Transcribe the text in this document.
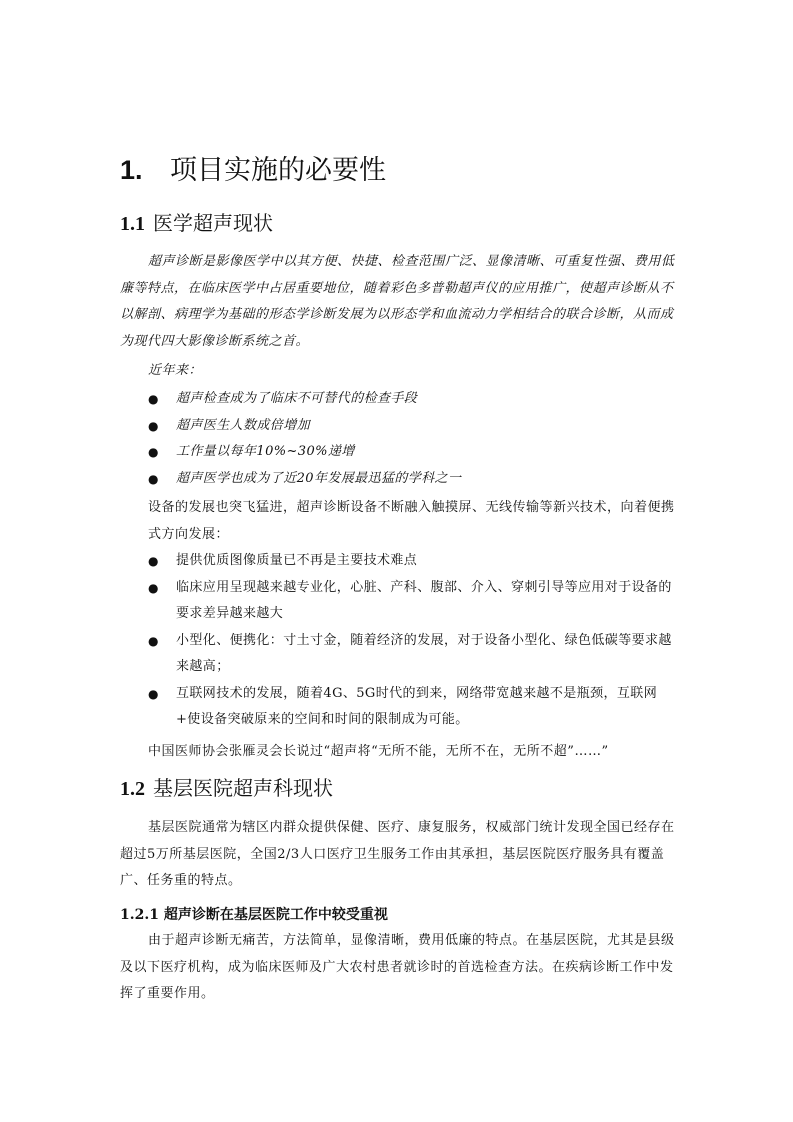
1. 项目实施的必要性
1.1 医学超声现状

超声诊断是影像医学中以其方便、快捷、检查范围广泛、显像清晰、可重复性强、费用低廉等特点，在临床医学中占居重要地位，随着彩色多普勒超声仪的应用推广，使超声诊断从不以解剖、病理学为基础的形态学诊断发展为以形态学和血流动力学相结合的联合诊断，从而成为现代四大影像诊断系统之首。

近年来：

● 超声检查成为了临床不可替代的检查手段
● 超声医生人数成倍增加
● 工作量以每年10%~30%递增
● 超声医学也成为了近20年发展最迅猛的学科之一

设备的发展也突飞猛进，超声诊断设备不断融入触摸屏、无线传输等新兴技术，向着便携式方向发展：

● 提供优质图像质量已不再是主要技术难点
● 临床应用呈现越来越专业化，心脏、产科、腹部、介入、穿刺引导等应用对于设备的要求差异越来越大
● 小型化、便携化：寸土寸金，随着经济的发展，对于设备小型化、绿色低碳等要求越来越高；
● 互联网技术的发展，随着4G、5G时代的到来，网络带宽越来越不是瓶颈，互联网+使设备突破原来的空间和时间的限制成为可能。

中国医师协会张雁灵会长说过“超声将“无所不能，无所不在，无所不超”……”

1.2 基层医院超声科现状

基层医院通常为辖区内群众提供保健、医疗、康复服务，权威部门统计发现全国已经存在超过5万所基层医院，全国2/3人口医疗卫生服务工作由其承担，基层医院医疗服务具有覆盖广、任务重的特点。

1.2.1 超声诊断在基层医院工作中较受重视

由于超声诊断无痛苦，方法简单，显像清晰，费用低廉的特点。在基层医院，尤其是县级及以下医疗机构，成为临床医师及广大农村患者就诊时的首选检查方法。在疾病诊断工作中发挥了重要作用。
